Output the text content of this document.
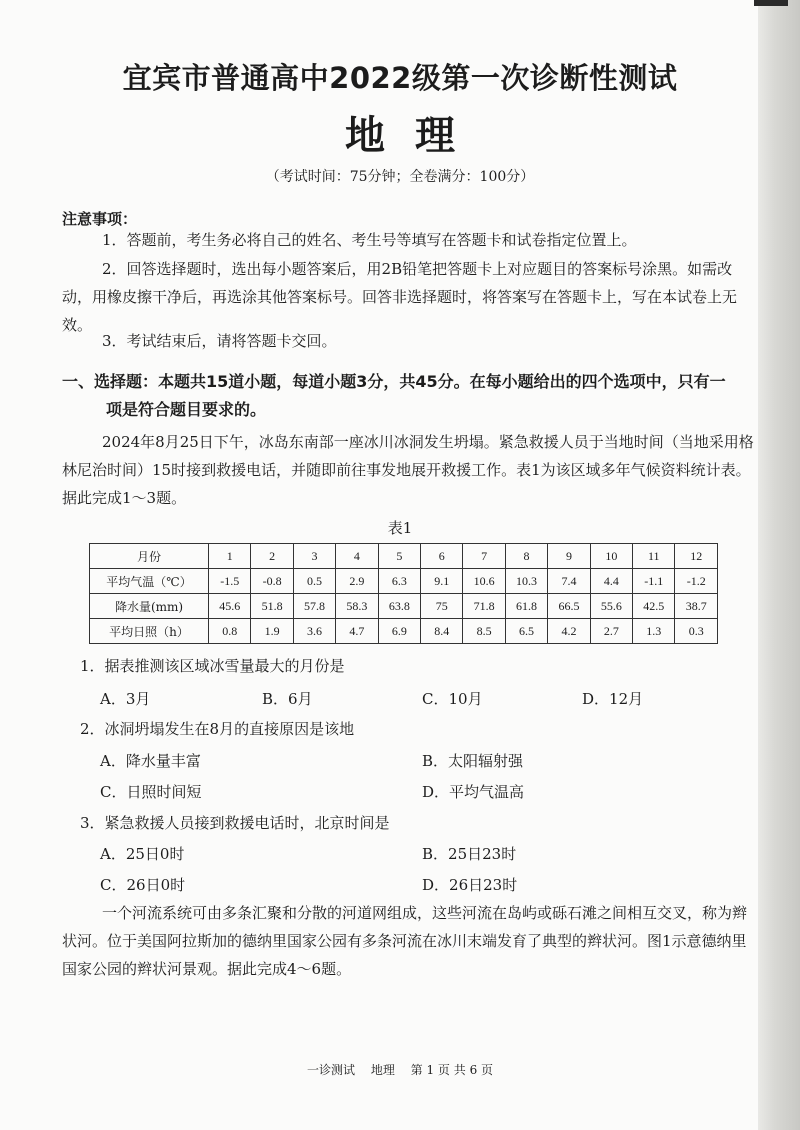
宜宾市普通高中2022级第一次诊断性测试
地理
（考试时间：75分钟；全卷满分：100分）
注意事项：
1．答题前，考生务必将自己的姓名、考生号等填写在答题卡和试卷指定位置上。
2．回答选择题时，选出每小题答案后，用2B铅笔把答题卡上对应题目的答案标号涂黑。如需改动，用橡皮擦干净后，再选涂其他答案标号。回答非选择题时，将答案写在答题卡上，写在本试卷上无效。
3．考试结束后，请将答题卡交回。
一、选择题：本题共15道小题，每道小题3分，共45分。在每小题给出的四个选项中，只有一
项是符合题目要求的。
2024年8月25日下午，冰岛东南部一座冰川冰洞发生坍塌。紧急救援人员于当地时间（当地采用格林尼治时间）15时接到救援电话，并随即前往事发地展开救援工作。表1为该区域多年气候资料统计表。据此完成1～3题。
表1
月份	1	2	3	4	5	6	7	8	9	10	11	12
平均气温（℃）	-1.5	-0.8	0.5	2.9	6.3	9.1	10.6	10.3	7.4	4.4	-1.1	-1.2
降水量(mm)	45.6	51.8	57.8	58.3	63.8	75	71.8	61.8	66.5	55.6	42.5	38.7
平均日照（h）	0.8	1.9	3.6	4.7	6.9	8.4	8.5	6.5	4.2	2.7	1.3	0.3
1．据表推测该区域冰雪量最大的月份是
A．3月	B．6月	C．10月	D．12月
2．冰洞坍塌发生在8月的直接原因是该地
A．降水量丰富	B．太阳辐射强
C．日照时间短	D．平均气温高
3．紧急救援人员接到救援电话时，北京时间是
A．25日0时	B．25日23时
C．26日0时	D．26日23时
一个河流系统可由多条汇聚和分散的河道网组成，这些河流在岛屿或砾石滩之间相互交叉，称为辫状河。位于美国阿拉斯加的德纳里国家公园有多条河流在冰川末端发育了典型的辫状河。图1示意德纳里国家公园的辫状河景观。据此完成4～6题。
一诊测试 地理 第 1 页 共 6 页
